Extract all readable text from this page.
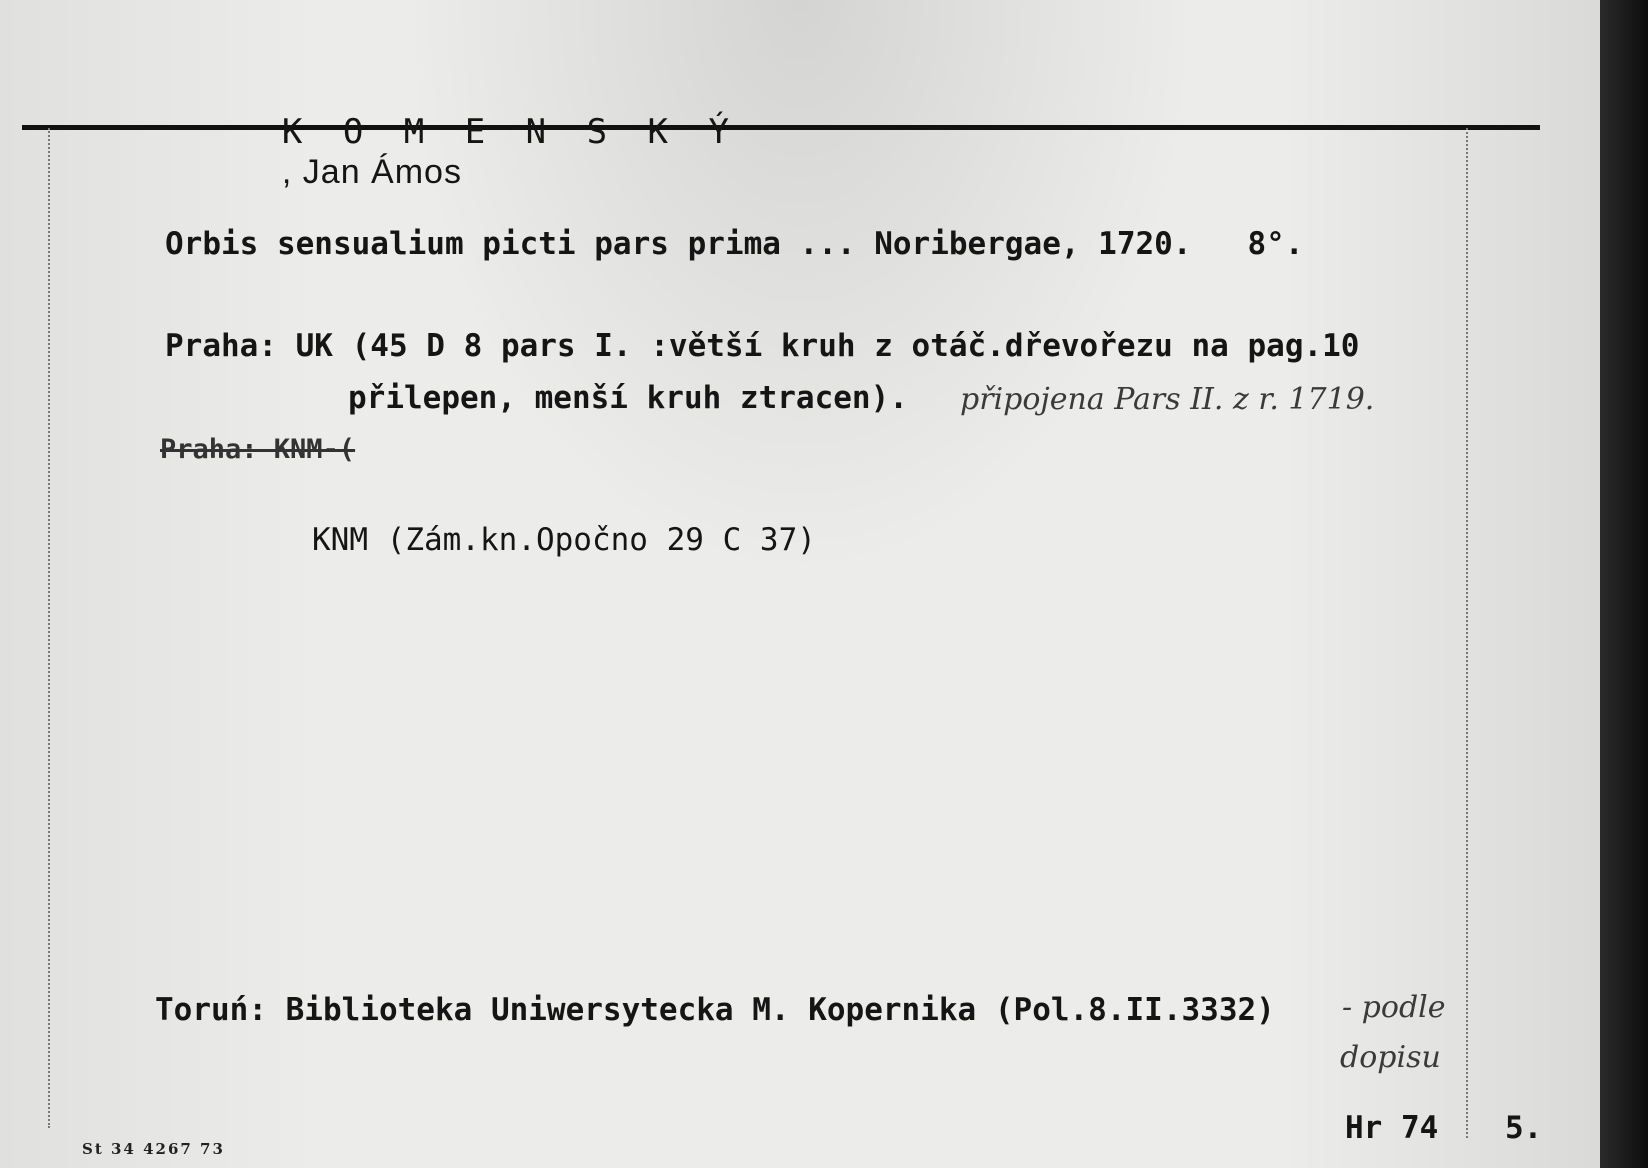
K O M E N S K Ý
, Jan Ámos

Orbis sensualium picti pars prima ... Noribergae, 1720.   8°.
Praha: UK (45 D 8 pars I. :větší kruh z otáč.dřevořezu na pag.10
přilepen, menší kruh ztracen).
Praha: KNM-(
KNM (Zám.kn.Opočno 29 C 37)
Toruń: Biblioteka Uniwersytecka M. Kopernika (Pol.8.II.3332)
Hr 74 5.
St 34 4267 73
připojena Pars II. z r. 1719.
- podle
dopisu
